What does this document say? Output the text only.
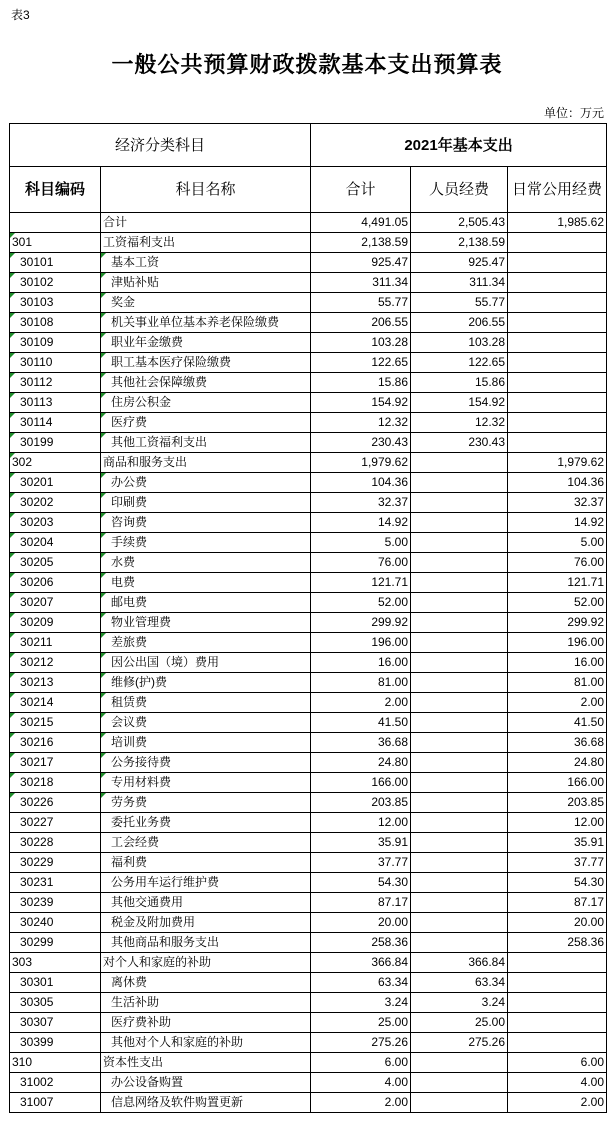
表3
一般公共预算财政拨款基本支出预算表
单位：万元
经济分类科目		2021年基本支出		
科目编码	科目名称	合计	人员经费	日常公用经费
	合计	4,491.05	2,505.43	1,985.62

301	工资福利支出	2,138.59	2,138.59	

30101	基本工资	925.47	925.47	

30102	津贴补贴	311.34	311.34	

30103	奖金	55.77	55.77	

30108	机关事业单位基本养老保险缴费	206.55	206.55	

30109	职业年金缴费	103.28	103.28	

30110	职工基本医疗保险缴费	122.65	122.65	

30112	其他社会保障缴费	15.86	15.86	

30113	住房公积金	154.92	154.92	

30114	医疗费	12.32	12.32	

30199	其他工资福利支出	230.43	230.43	

302	商品和服务支出	1,979.62		1,979.62

30201	办公费	104.36		104.36

30202	印刷费	32.37		32.37

30203	咨询费	14.92		14.92

30204	手续费	5.00		5.00

30205	水费	76.00		76.00

30206	电费	121.71		121.71

30207	邮电费	52.00		52.00

30209	物业管理费	299.92		299.92

30211	差旅费	196.00		196.00

30212	因公出国（境）费用	16.00		16.00

30213	维修(护)费	81.00		81.00

30214	租赁费	2.00		2.00

30215	会议费	41.50		41.50

30216	培训费	36.68		36.68

30217	公务接待费	24.80		24.80

30218	专用材料费	166.00		166.00

30226	劳务费	203.85		203.85
30227	委托业务费	12.00		12.00
30228	工会经费	35.91		35.91
30229	福利费	37.77		37.77
30231	公务用车运行维护费	54.30		54.30
30239	其他交通费用	87.17		87.17
30240	税金及附加费用	20.00		20.00
30299	其他商品和服务支出	258.36		258.36
303	对个人和家庭的补助	366.84	366.84	
30301	离休费	63.34	63.34	
30305	生活补助	3.24	3.24	
30307	医疗费补助	25.00	25.00	
30399	其他对个人和家庭的补助	275.26	275.26	
310	资本性支出	6.00		6.00
31002	办公设备购置	4.00		4.00
31007	信息网络及软件购置更新	2.00		2.00
